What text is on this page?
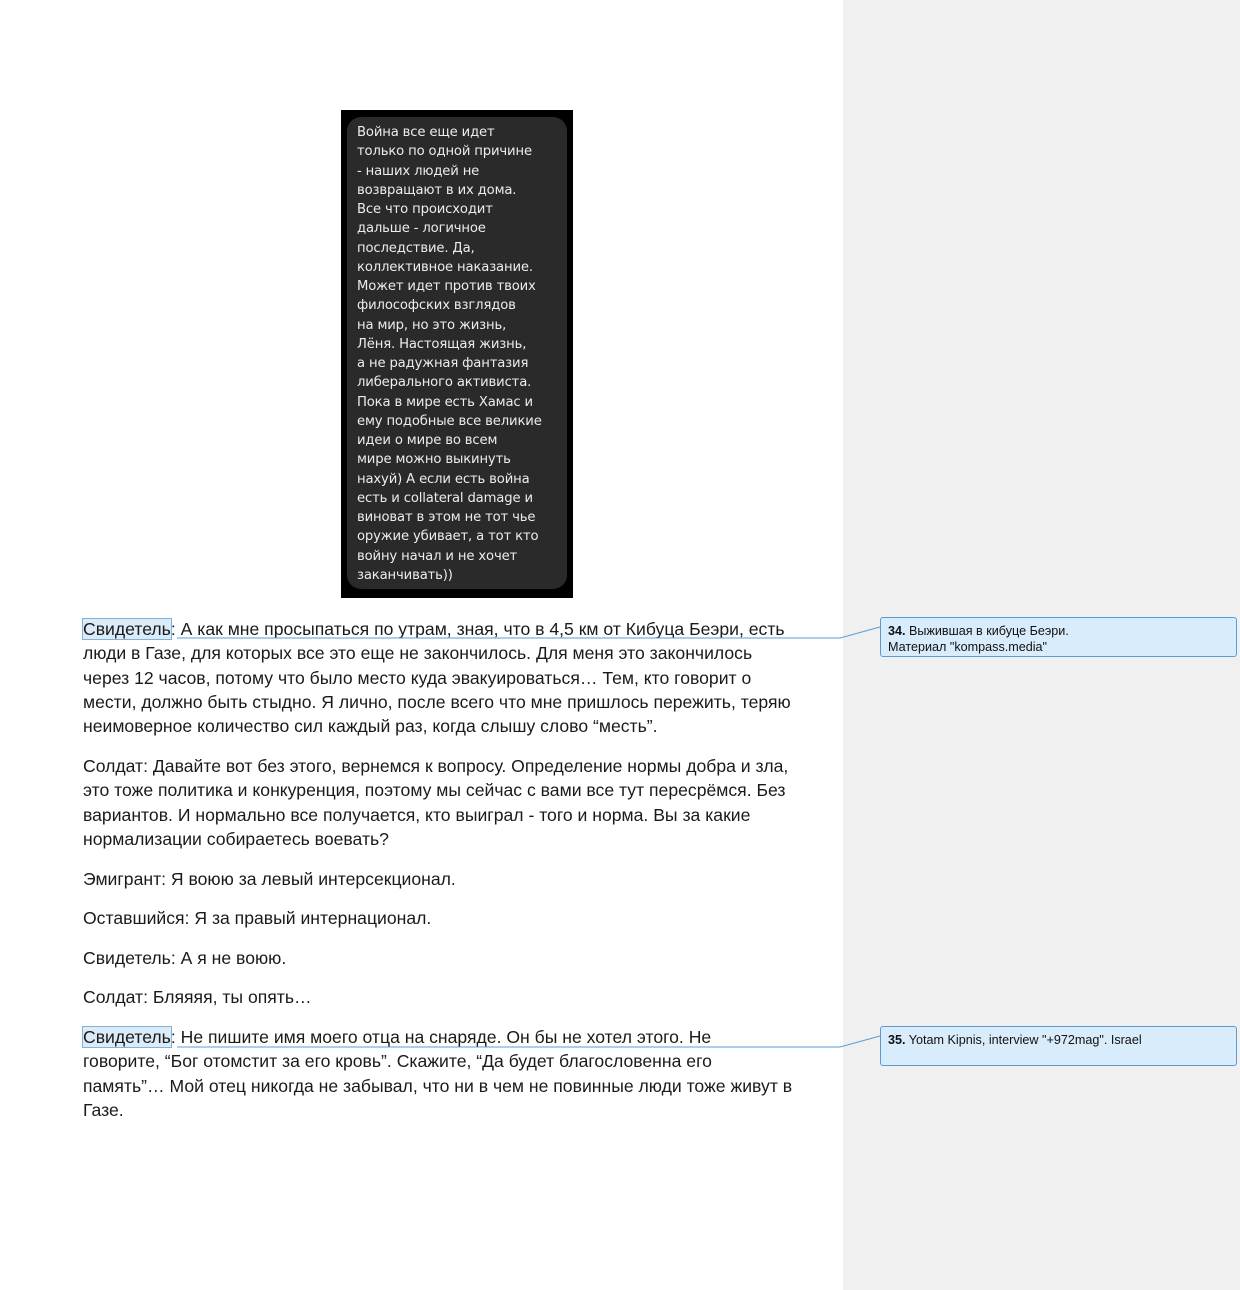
Война все еще идет
только по одной причине
- наших людей не
возвращают в их дома.
Все что происходит
дальше - логичное
последствие. Да,
коллективное наказание.
Может идет против твоих
философских взглядов
на мир, но это жизнь,
Лёня. Настоящая жизнь,
а не радужная фантазия
либерального активиста.
Пока в мире есть Хамас и
ему подобные все великие
идеи о мире во всем
мире можно выкинуть
нахуй) А если есть война
есть и collateral damage и
виноват в этом не тот чье
оружие убивает, а тот кто
войну начал и не хочет
заканчивать))

Свидетель: А как мне просыпаться по утрам, зная, что в 4,5 км от Кибуца Беэри, есть
люди в Газе, для которых все это еще не закончилось. Для меня это закончилось
через 12 часов, потому что было место куда эвакуироваться… Тем, кто говорит о
мести, должно быть стыдно. Я лично, после всего что мне пришлось пережить, теряю
неимоверное количество сил каждый раз, когда слышу слово “месть”.

Солдат: Давайте вот без этого, вернемся к вопросу. Определение нормы добра и зла,
это тоже политика и конкуренция, поэтому мы сейчас с вами все тут пересрёмся. Без
вариантов. И нормально все получается, кто выиграл - того и норма. Вы за какие
нормализации собираетесь воевать?

Эмигрант: Я воюю за левый интерсекционал.

Оставшийся: Я за правый интернационал.

Свидетель: А я не воюю.

Солдат: Бляяяя, ты опять…

Свидетель: Не пишите имя моего отца на снаряде. Он бы не хотел этого. Не
говорите, “Бог отомстит за его кровь”. Скажите, “Да будет благословенна его
память”… Мой отец никогда не забывал, что ни в чем не повинные люди тоже живут в
Газе.

34. Выжившая в кибуце Беэри.
Материал "kompass.media"
35. Yotam Kipnis, interview "+972mag". Israel
